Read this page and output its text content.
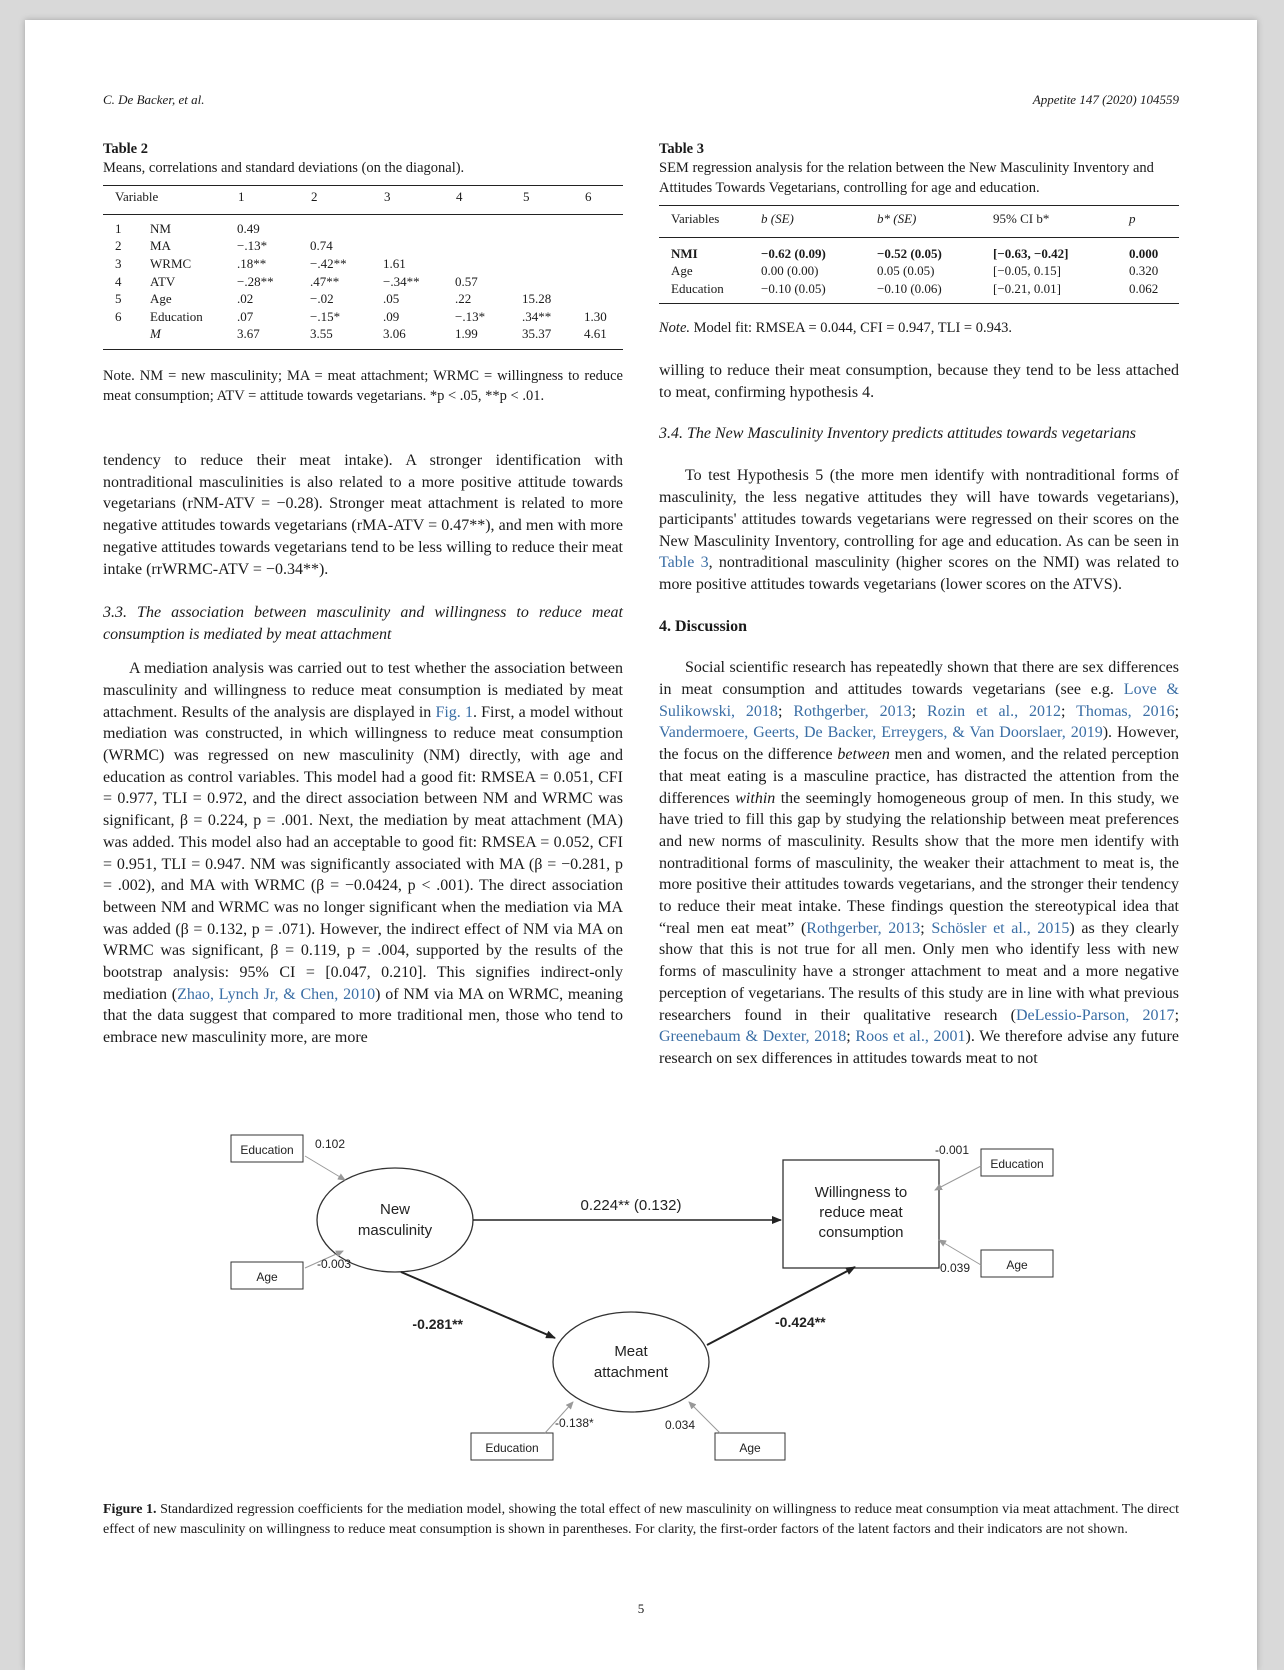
C. De Backer, et al.	Appetite 147 (2020) 104559
Table 2
Means, correlations and standard deviations (on the diagonal).
Variable	1	2	3	4	5	6
	1	NM	0.49					
	2	MA	−.13*	0.74				
	3	WRMC	.18**	−.42**	1.61			
	4	ATV	−.28**	.47**	−.34**	0.57		
	5	Age	.02	−.02	.05	.22	15.28	
	6	Education	.07	−.15*	.09	−.13*	.34**	1.30
		M	3.67	3.55	3.06	1.99	35.37	4.61
Note. NM = new masculinity; MA = meat attachment; WRMC = willingness to reduce meat consumption; ATV = attitude towards vegetarians. *p < .05, **p < .01.
Table 3
SEM regression analysis for the relation between the New Masculinity Inventory and Attitudes Towards Vegetarians, controlling for age and education.
Variables	b (SE)	b* (SE)	95% CI b*	p
NMI	−0.62 (0.09)	−0.52 (0.05)	[−0.63, −0.42]	0.000
Age	0.00 (0.00)	0.05 (0.05)	[−0.05, 0.15]	0.320
Education	−0.10 (0.05)	−0.10 (0.06)	[−0.21, 0.01]	0.062
Note. Model fit: RMSEA = 0.044, CFI = 0.947, TLI = 0.943.

tendency to reduce their meat intake). A stronger identification with nontraditional masculinities is also related to a more positive attitude towards vegetarians (rNM-ATV = −0.28). Stronger meat attachment is related to more negative attitudes towards vegetarians (rMA-ATV = 0.47**), and men with more negative attitudes towards vegetarians tend to be less willing to reduce their meat intake (rrWRMC-ATV = −0.34**).

3.3. The association between masculinity and willingness to reduce meat consumption is mediated by meat attachment

A mediation analysis was carried out to test whether the association between masculinity and willingness to reduce meat consumption is mediated by meat attachment. Results of the analysis are displayed in Fig. 1. First, a model without mediation was constructed, in which willingness to reduce meat consumption (WRMC) was regressed on new masculinity (NM) directly, with age and education as control variables. This model had a good fit: RMSEA = 0.051, CFI = 0.977, TLI = 0.972, and the direct association between NM and WRMC was significant, β = 0.224, p = .001. Next, the mediation by meat attachment (MA) was added. This model also had an acceptable to good fit: RMSEA = 0.052, CFI = 0.951, TLI = 0.947. NM was significantly associated with MA (β = −0.281, p = .002), and MA with WRMC (β = −0.0424, p < .001). The direct association between NM and WRMC was no longer significant when the mediation via MA was added (β = 0.132, p = .071). However, the indirect effect of NM via MA on WRMC was significant, β = 0.119, p = .004, supported by the results of the bootstrap analysis: 95% CI = [0.047, 0.210]. This signifies indirect-only mediation (Zhao, Lynch Jr, & Chen, 2010) of NM via MA on WRMC, meaning that the data suggest that compared to more traditional men, those who tend to embrace new masculinity more, are more

willing to reduce their meat consumption, because they tend to be less attached to meat, confirming hypothesis 4.

3.4. The New Masculinity Inventory predicts attitudes towards vegetarians

To test Hypothesis 5 (the more men identify with nontraditional forms of masculinity, the less negative attitudes they will have towards vegetarians), participants' attitudes towards vegetarians were regressed on their scores on the New Masculinity Inventory, controlling for age and education. As can be seen in Table 3, nontraditional masculinity (higher scores on the NMI) was related to more positive attitudes towards vegetarians (lower scores on the ATVS).

4. Discussion

Social scientific research has repeatedly shown that there are sex differences in meat consumption and attitudes towards vegetarians (see e.g. Love & Sulikowski, 2018; Rothgerber, 2013; Rozin et al., 2012; Thomas, 2016; Vandermoere, Geerts, De Backer, Erreygers, & Van Doorslaer, 2019). However, the focus on the difference between men and women, and the related perception that meat eating is a masculine practice, has distracted the attention from the differences within the seemingly homogeneous group of men. In this study, we have tried to fill this gap by studying the relationship between meat preferences and new norms of masculinity. Results show that the more men identify with nontraditional forms of masculinity, the weaker their attachment to meat is, the more positive their attitudes towards vegetarians, and the stronger their tendency to reduce their meat intake. These findings question the stereotypical idea that “real men eat meat” (Rothgerber, 2013; Schösler et al., 2015) as they clearly show that this is not true for all men. Only men who identify less with new forms of masculinity have a stronger attachment to meat and a more negative perception of vegetarians. The results of this study are in line with what previous researchers found in their qualitative research (DeLessio-Parson, 2017; Greenebaum & Dexter, 2018; Roos et al., 2001). We therefore advise any future research on sex differences in attitudes towards meat to not

New
masculinity
Willingness to
reduce meat
consumption
Meat
attachment
Education
Age
Education
Age
Education	Age
0.224** (0.132)
-0.281**	-0.424**
0.102
-0.003
-0.001
0.039
-0.138*	0.034
Figure 1. Standardized regression coefficients for the mediation model, showing the total effect of new masculinity on willingness to reduce meat consumption via meat attachment. The direct effect of new masculinity on willingness to reduce meat consumption is shown in parentheses. For clarity, the first-order factors of the latent factors and their indicators are not shown.
5
